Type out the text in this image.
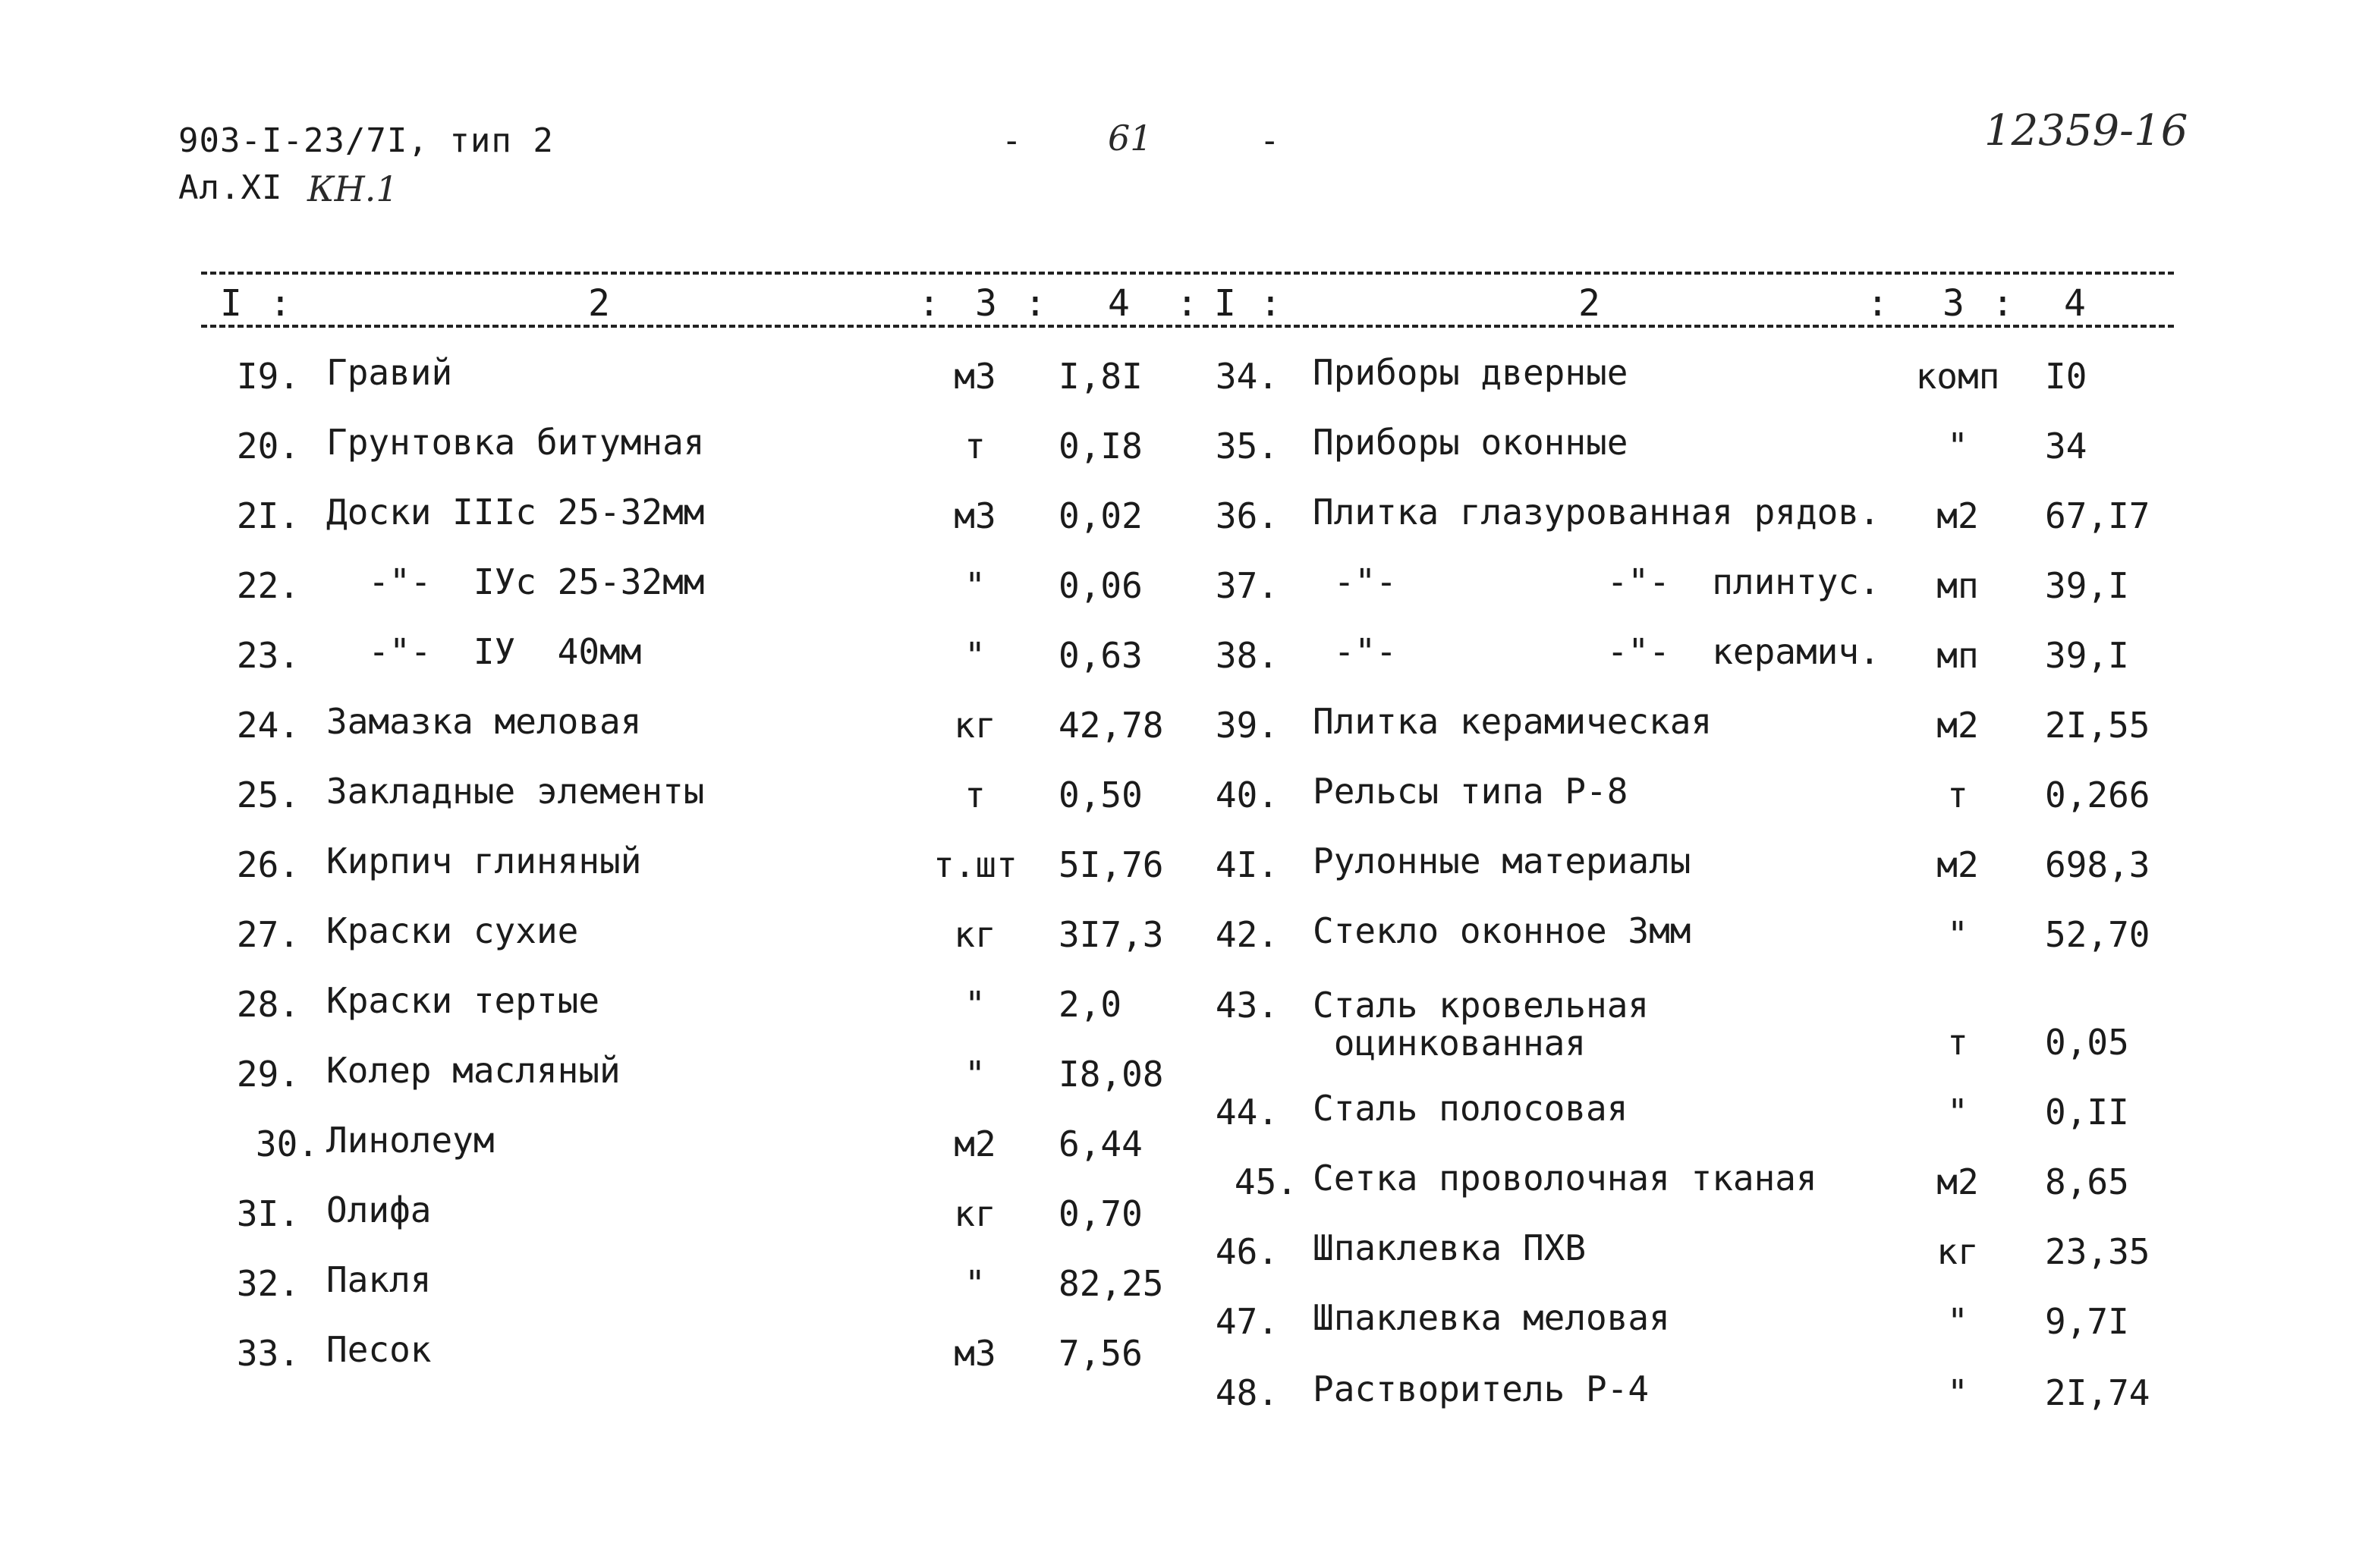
903-I-23/7I, тип 2
Ал.XI КН.1
- 61	-	12359-16
I :	2	: 3 : 4 : I :	2	: 3 : 4
I9. Гравий	м3	I,8I
20. Грунтовка битумная	т	0,I8
2I. Доски IIIс 25-32мм	м3	0,02
22. -"-  IУс 25-32мм	"	0,06
23. -"-  IУ  40мм	"	0,63
24. Замазка меловая	кг	42,78
25. Закладные элементы	т	0,50
26. Кирпич глиняный	т.шт 5I,76
27. Краски сухие	кг	3I7,3
28. Краски тертые	"	2,0
29. Колер масляный	"	I8,08
30. Линолеум	м2	6,44
3I. Олифа	кг	0,70
32. Пакля	"	82,25
33. Песок	м3	7,56
34. Приборы дверные	комп	I0
35. Приборы оконные	"	34
36. Плитка глазурованная рядов.	м2	67,I7
37. -"-          -"-  плинтус.	мп	39,I
38. -"-          -"-  керамич.	мп	39,I
39. Плитка керамическая	м2	2I,55
40. Рельсы типа Р-8	т	0,266
4I. Рулонные материалы	м2	698,3
42. Стекло оконное 3мм	"	52,70
43. Сталь кровельная
оцинкованная	т	0,05
44. Сталь полосовая	"	0,II
45. Сетка проволочная тканая	м2	8,65
46. Шпаклевка ПХВ	кг	23,35
47. Шпаклевка меловая	"	9,7I
48. Растворитель Р-4	"	2I,74
